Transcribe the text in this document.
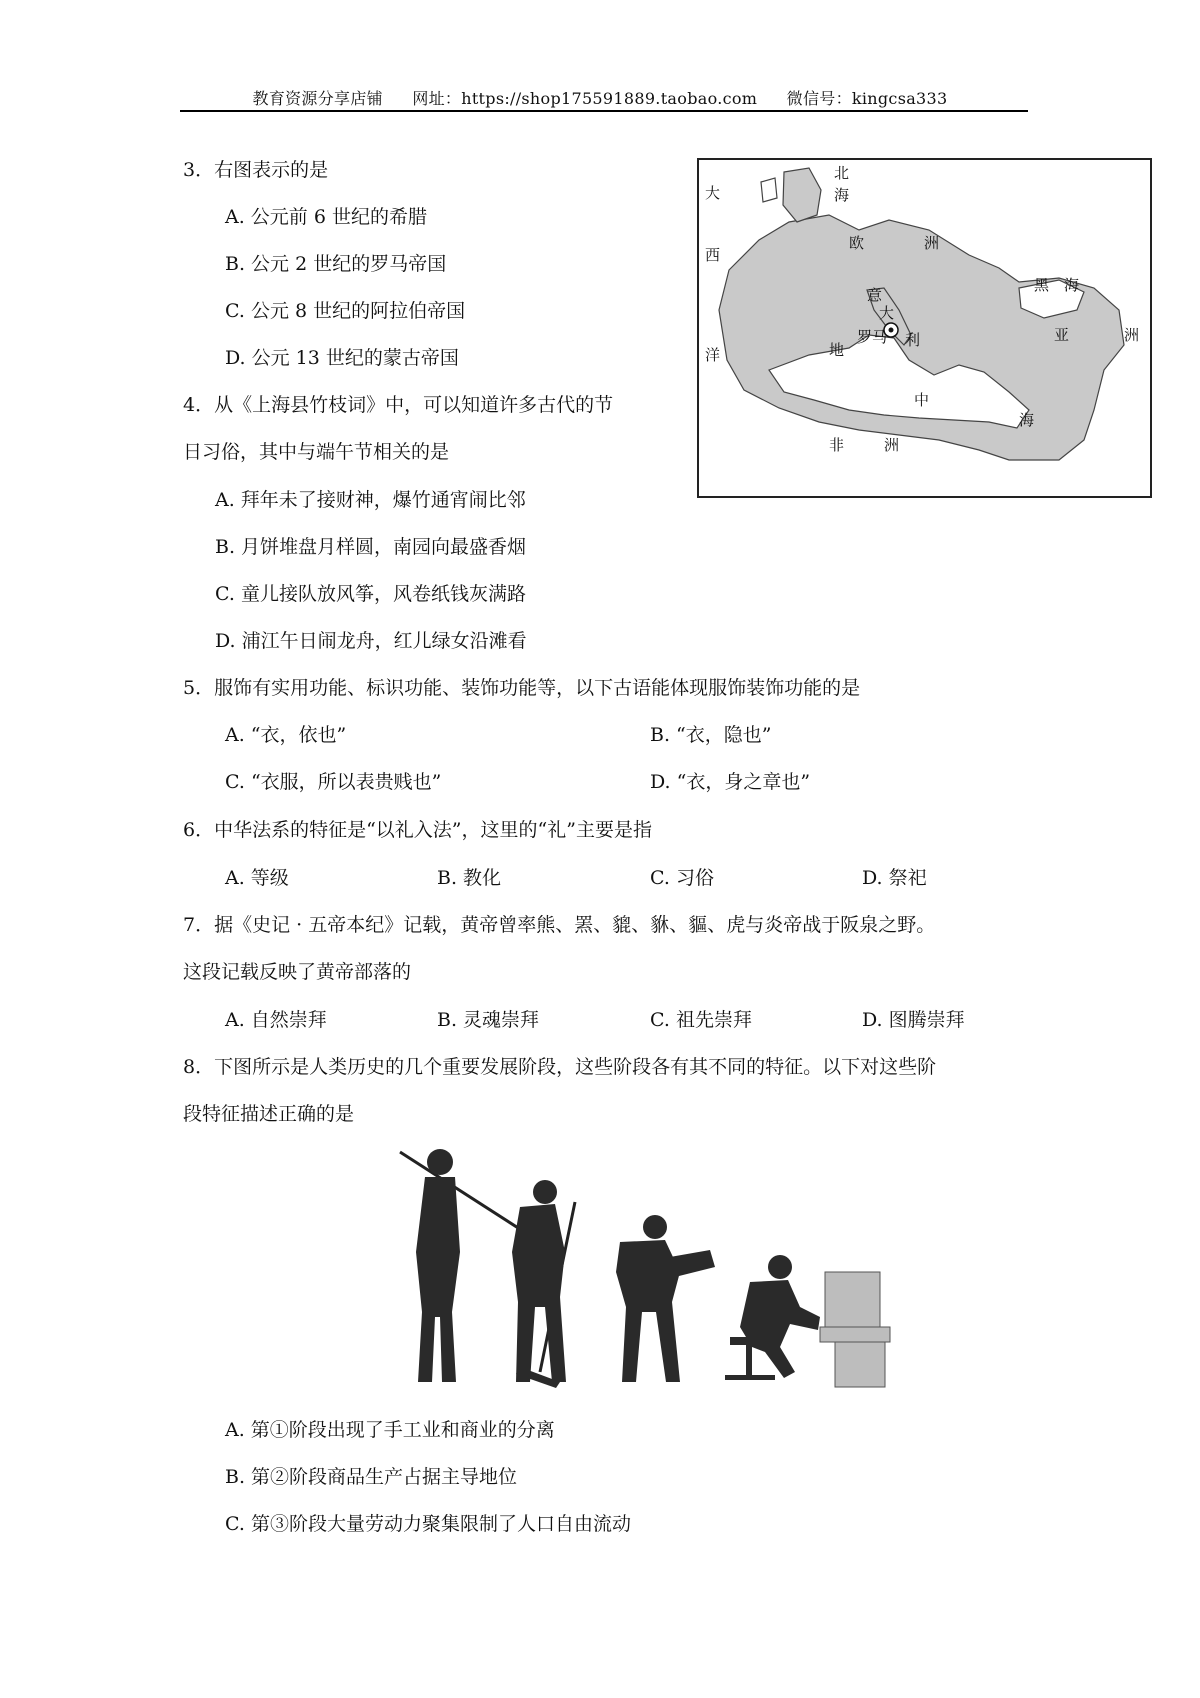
教育资源分享店铺 网址：https://shop175591889.taobao.com 微信号：kingcsa333
3．右图表示的是
A. 公元前 6 世纪的希腊
B. 公元 2 世纪的罗马帝国
C. 公元 8 世纪的阿拉伯帝国
D. 公元 13 世纪的蒙古帝国
大
西
洋
北
海
欧	洲
意
大
利
罗马
黑 海
亚	洲
地
中
海
非	洲
4．从《上海县竹枝词》中，可以知道许多古代的节
日习俗，其中与端午节相关的是
A. 拜年未了接财神，爆竹通宵闹比邻
B. 月饼堆盘月样圆，南园向最盛香烟
C. 童儿接队放风筝，风卷纸钱灰满路
D. 浦江午日闹龙舟，红儿绿女沿滩看
5．服饰有实用功能、标识功能、装饰功能等，以下古语能体现服饰装饰功能的是
A. “衣，依也”	B. “衣，隐也”
C. “衣服，所以表贵贱也”	D. “衣，身之章也”
6．中华法系的特征是“以礼入法”，这里的“礼”主要是指
A. 等级	B. 教化	C. 习俗	D. 祭祀
7．据《史记 · 五帝本纪》记载，黄帝曾率熊、罴、貔、貅、貙、虎与炎帝战于阪泉之野。
这段记载反映了黄帝部落的
A. 自然崇拜	B. 灵魂崇拜	C. 祖先崇拜	D. 图腾崇拜
8．下图所示是人类历史的几个重要发展阶段，这些阶段各有其不同的特征。以下对这些阶
段特征描述正确的是
A. 第①阶段出现了手工业和商业的分离
B. 第②阶段商品生产占据主导地位
C. 第③阶段大量劳动力聚集限制了人口自由流动
